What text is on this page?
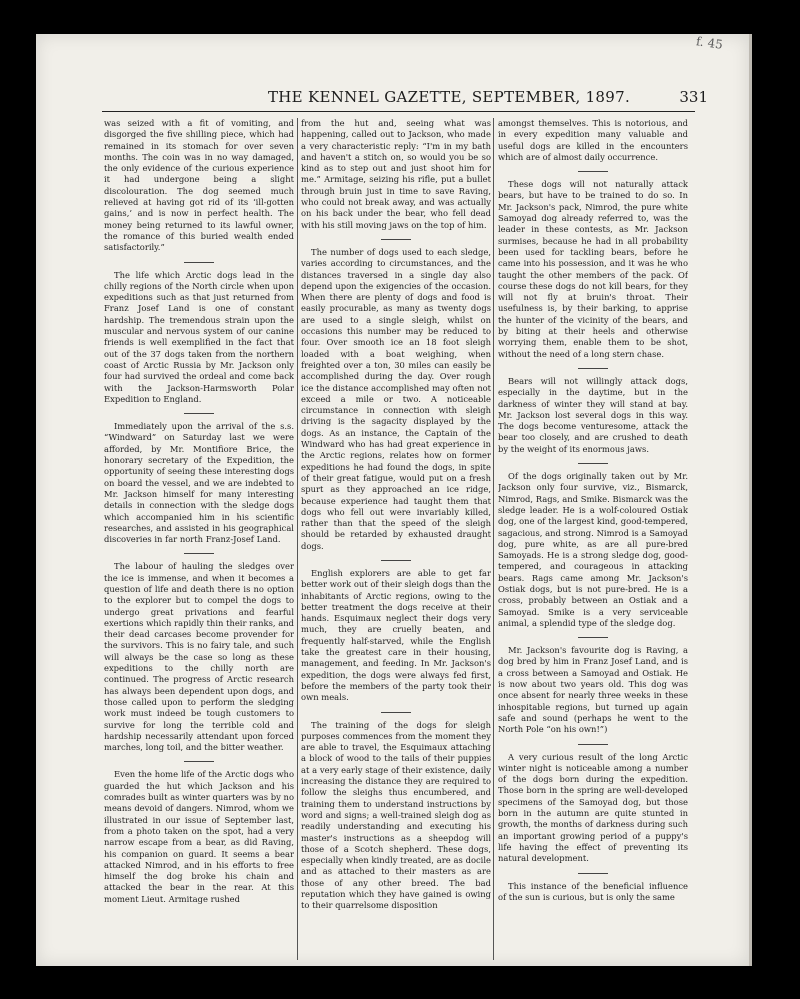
f. 45
THE KENNEL GAZETTE, SEPTEMBER, 1897.	331

was seized with a fit of vomiting, and disgorged the five shilling piece, which had remained in its stomach for over seven months. The coin was in no way damaged, the only evidence of the curious experience it had undergone being a slight discolouration. The dog seemed much relieved at having got rid of its ‘ill-gotten gains,’ and is now in perfect health. The money being returned to its lawful owner, the romance of this buried wealth ended satisfactorily.”

The life which Arctic dogs lead in the chilly regions of the North circle when upon expeditions such as that just returned from Franz Josef Land is one of constant hardship. The tremendous strain upon the muscular and nervous system of our canine friends is well exemplified in the fact that out of the 37 dogs taken from the northern coast of Arctic Russia by Mr. Jackson only four had survived the ordeal and come back with the Jackson-Harmsworth Polar Expedition to England.

Immediately upon the arrival of the s.s. “Windward” on Saturday last we were afforded, by Mr. Montifiore Brice, the honorary secretary of the Expedition, the opportunity of seeing these interesting dogs on board the vessel, and we are indebted to Mr. Jackson himself for many interesting details in connection with the sledge dogs which accompanied him in his scientific researches, and assisted in his geographical discoveries in far north Franz-Josef Land.

The labour of hauling the sledges over the ice is immense, and when it becomes a question of life and death there is no option to the explorer but to compel the dogs to undergo great privations and fearful exertions which rapidly thin their ranks, and their dead carcases become provender for the survivors. This is no fairy tale, and such will always be the case so long as these expeditions to the chilly north are continued. The progress of Arctic research has always been dependent upon dogs, and those called upon to perform the sledging work must indeed be tough customers to survive for long the terrible cold and hardship necessarily attendant upon forced marches, long toil, and the bitter weather.

Even the home life of the Arctic dogs who guarded the hut which Jackson and his comrades built as winter quarters was by no means devoid of dangers. Nimrod, whom we illustrated in our issue of September last, from a photo taken on the spot, had a very narrow escape from a bear, as did Raving, his companion on guard. It seems a bear attacked Nimrod, and in his efforts to free himself the dog broke his chain and attacked the bear in the rear. At this moment Lieut. Armitage rushed

from the hut and, seeing what was happening, called out to Jackson, who made a very characteristic reply: “I'm in my bath and haven't a stitch on, so would you be so kind as to step out and just shoot him for me.” Armitage, seizing his rifle, put a bullet through bruin just in time to save Raving, who could not break away, and was actually on his back under the bear, who fell dead with his still moving jaws on the top of him.

The number of dogs used to each sledge, varies according to circumstances, and the distances traversed in a single day also depend upon the exigencies of the occasion. When there are plenty of dogs and food is easily procurable, as many as twenty dogs are used to a single sleigh, whilst on occasions this number may be reduced to four. Over smooth ice an 18 foot sleigh loaded with a boat weighing, when freighted over a ton, 30 miles can easily be accomplished during the day. Over rough ice the distance accomplished may often not exceed a mile or two. A noticeable circumstance in connection with sleigh driving is the sagacity displayed by the dogs. As an instance, the Captain of the Windward who has had great experience in the Arctic regions, relates how on former expeditions he had found the dogs, in spite of their great fatigue, would put on a fresh spurt as they approached an ice ridge, because experience had taught them that dogs who fell out were invariably killed, rather than that the speed of the sleigh should be retarded by exhausted draught dogs.

English explorers are able to get far better work out of their sleigh dogs than the inhabitants of Arctic regions, owing to the better treatment the dogs receive at their hands. Esquimaux neglect their dogs very much, they are cruelly beaten, and frequently half-starved, while the English take the greatest care in their housing, management, and feeding. In Mr. Jackson's expedition, the dogs were always fed first, before the members of the party took their own meals.

The training of the dogs for sleigh purposes commences from the moment they are able to travel, the Esquimaux attaching a block of wood to the tails of their puppies at a very early stage of their existence, daily increasing the distance they are required to follow the sleighs thus encumbered, and training them to understand instructions by word and signs; a well-trained sleigh dog as readily understanding and executing his master's instructions as a sheepdog will those of a Scotch shepherd. These dogs, especially when kindly treated, are as docile and as attached to their masters as are those of any other breed. The bad reputation which they have gained is owing to their quarrelsome disposition

amongst themselves. This is notorious, and in every expedition many valuable and useful dogs are killed in the encounters which are of almost daily occurrence.

These dogs will not naturally attack bears, but have to be trained to do so. In Mr. Jackson's pack, Nimrod, the pure white Samoyad dog already referred to, was the leader in these contests, as Mr. Jackson surmises, because he had in all probability been used for tackling bears, before he came into his possession, and it was he who taught the other members of the pack. Of course these dogs do not kill bears, for they will not fly at bruin's throat. Their usefulness is, by their barking, to apprise the hunter of the vicinity of the bears, and by biting at their heels and otherwise worrying them, enable them to be shot, without the need of a long stern chase.

Bears will not willingly attack dogs, especially in the daytime, but in the darkness of winter they will stand at bay. Mr. Jackson lost several dogs in this way. The dogs become venturesome, attack the bear too closely, and are crushed to death by the weight of its enormous jaws.

Of the dogs originally taken out by Mr. Jackson only four survive, viz., Bismarck, Nimrod, Rags, and Smike. Bismarck was the sledge leader. He is a wolf-coloured Ostiak dog, one of the largest kind, good-tempered, sagacious, and strong. Nimrod is a Samoyad dog, pure white, as are all pure-bred Samoyads. He is a strong sledge dog, good-tempered, and courageous in attacking bears. Rags came among Mr. Jackson's Ostiak dogs, but is not pure-bred. He is a cross, probably between an Ostiak and a Samoyad. Smike is a very serviceable animal, a splendid type of the sledge dog.

Mr. Jackson's favourite dog is Raving, a dog bred by him in Franz Josef Land, and is a cross between a Samoyad and Ostiak. He is now about two years old. This dog was once absent for nearly three weeks in these inhospitable regions, but turned up again safe and sound (perhaps he went to the North Pole “on his own!”)

A very curious result of the long Arctic winter night is noticeable among a number of the dogs born during the expedition. Those born in the spring are well-developed specimens of the Samoyad dog, but those born in the autumn are quite stunted in growth, the months of darkness during such an important growing period of a puppy's life having the effect of preventing its natural development.

This instance of the beneficial influence of the sun is curious, but is only the same
